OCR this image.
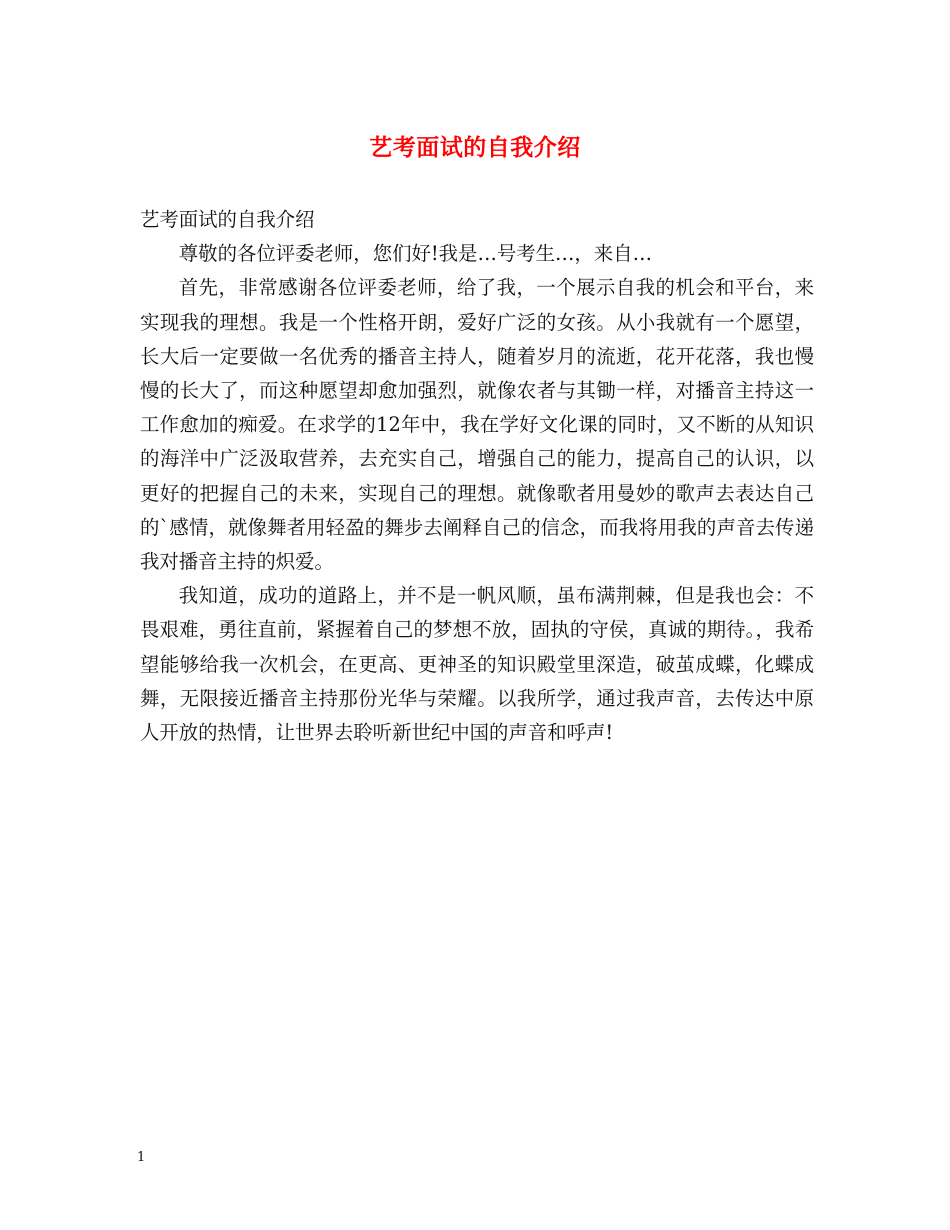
艺考面试的自我介绍

艺考面试的自我介绍

尊敬的各位评委老师，您们好!我是…号考生…，来自…

首先，非常感谢各位评委老师，给了我，一个展示自我的机会和平台，来实现我的理想。我是一个性格开朗，爱好广泛的女孩。从小我就有一个愿望，长大后一定要做一名优秀的播音主持人，随着岁月的流逝，花开花落，我也慢慢的长大了，而这种愿望却愈加强烈，就像农者与其锄一样，对播音主持这一工作愈加的痴爱。在求学的12年中，我在学好文化课的同时，又不断的从知识的海洋中广泛汲取营养，去充实自己，增强自己的能力，提高自己的认识，以更好的把握自己的未来，实现自己的理想。就像歌者用曼妙的歌声去表达自己的`感情，就像舞者用轻盈的舞步去阐释自己的信念，而我将用我的声音去传递我对播音主持的炽爱。

我知道，成功的道路上，并不是一帆风顺，虽布满荆棘，但是我也会：不畏艰难，勇往直前，紧握着自己的梦想不放，固执的守侯，真诚的期待。，我希望能够给我一次机会，在更高、更神圣的知识殿堂里深造，破茧成蝶，化蝶成舞，无限接近播音主持那份光华与荣耀。以我所学，通过我声音，去传达中原人开放的热情，让世界去聆听新世纪中国的声音和呼声!

1
